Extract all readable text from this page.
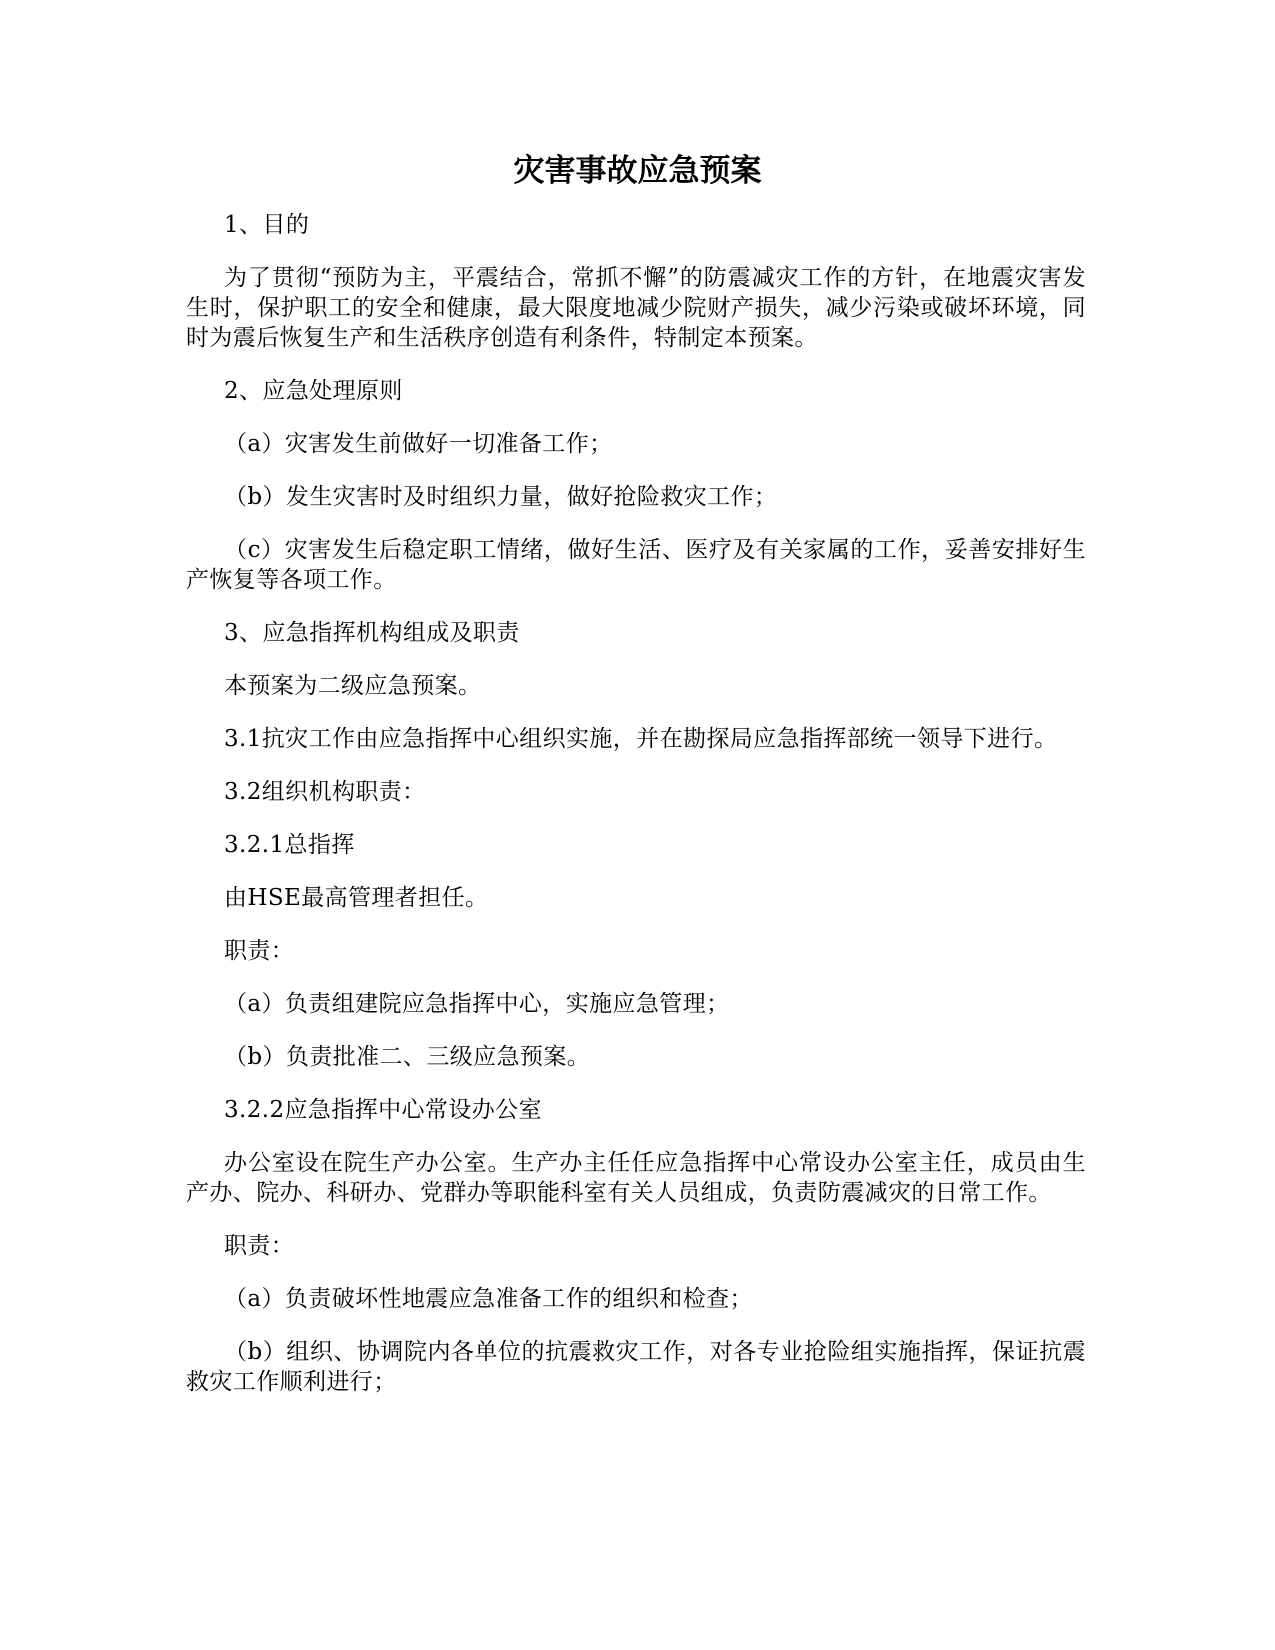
灾害事故应急预案

1、目的

为了贯彻“预防为主，平震结合，常抓不懈”的防震减灾工作的方针，在地震灾害发生时，保护职工的安全和健康，最大限度地减少院财产损失，减少污染或破坏环境，同时为震后恢复生产和生活秩序创造有利条件，特制定本预案。

2、应急处理原则

（a）灾害发生前做好一切准备工作；

（b）发生灾害时及时组织力量，做好抢险救灾工作；

（c）灾害发生后稳定职工情绪，做好生活、医疗及有关家属的工作，妥善安排好生产恢复等各项工作。

3、应急指挥机构组成及职责

本预案为二级应急预案。

3.1抗灾工作由应急指挥中心组织实施，并在勘探局应急指挥部统一领导下进行。

3.2组织机构职责：

3.2.1总指挥

由HSE最高管理者担任。

职责：

（a）负责组建院应急指挥中心，实施应急管理；

（b）负责批准二、三级应急预案。

3.2.2应急指挥中心常设办公室

办公室设在院生产办公室。生产办主任任应急指挥中心常设办公室主任，成员由生产办、院办、科研办、党群办等职能科室有关人员组成，负责防震减灾的日常工作。

职责：

（a）负责破坏性地震应急准备工作的组织和检查；

（b）组织、协调院内各单位的抗震救灾工作，对各专业抢险组实施指挥，保证抗震救灾工作顺利进行；
